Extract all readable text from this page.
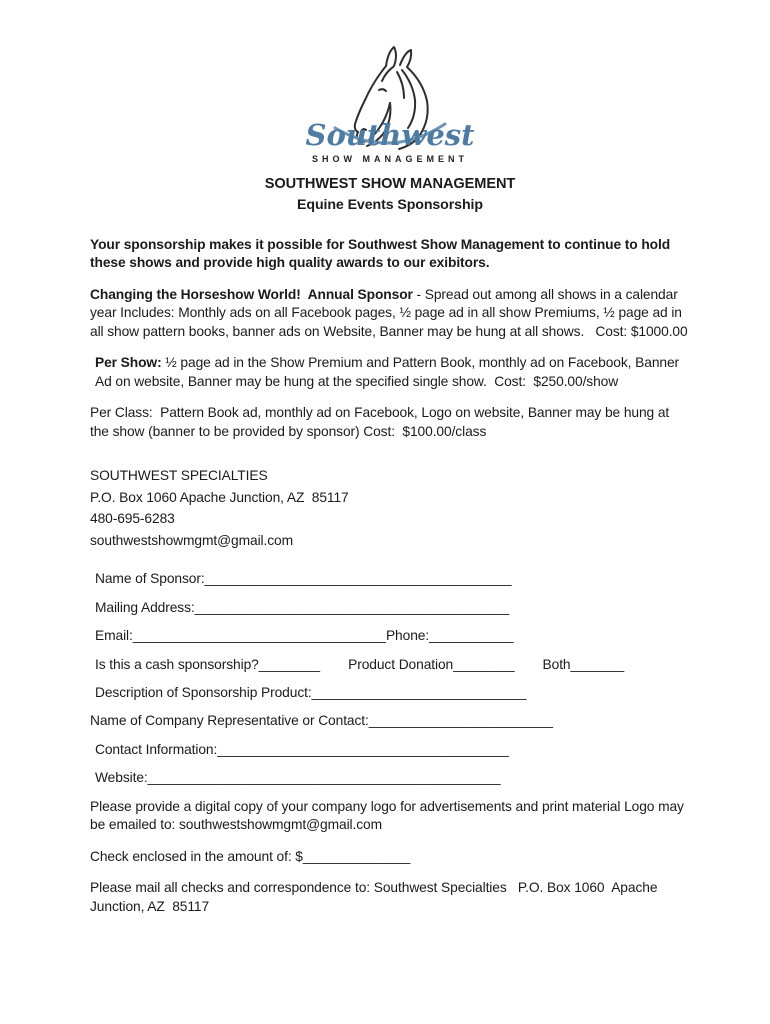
Southwest
SHOW MANAGEMENT
SOUTHWEST SHOW MANAGEMENT
Equine Events Sponsorship

Your sponsorship makes it possible for Southwest Show Management to continue to hold these shows and provide high quality awards to our exibitors.

Changing the Horseshow World!  Annual Sponsor - Spread out among all shows in a calendar year Includes: Monthly ads on all Facebook pages, ½ page ad in all show Premiums, ½ page ad in all show pattern books, banner ads on Website, Banner may be hung at all shows.   Cost: $1000.00

Per Show: ½ page ad in the Show Premium and Pattern Book, monthly ad on Facebook, Banner Ad on website, Banner may be hung at the specified single show.  Cost:  $250.00/show

Per Class:  Pattern Book ad, monthly ad on Facebook, Logo on website, Banner may be hung at the show (banner to be provided by sponsor) Cost:  $100.00/class

SOUTHWEST SPECIALTIES

P.O. Box 1060 Apache Junction, AZ  85117

480-695-6283

southwestshowmgmt@gmail.com

Name of Sponsor:________________________________________

Mailing Address:_________________________________________

Email:_________________________________Phone:___________

Is this a cash sponsorship?________ Product Donation________ Both_______

Description of Sponsorship Product:____________________________

Name of Company Representative or Contact:________________________

Contact Information:______________________________________

Website:______________________________________________

Please provide a digital copy of your company logo for advertisements and print material Logo may be emailed to: southwestshowmgmt@gmail.com

Check enclosed in the amount of: $______________

Please mail all checks and correspondence to: Southwest Specialties   P.O. Box 1060  Apache Junction, AZ  85117
